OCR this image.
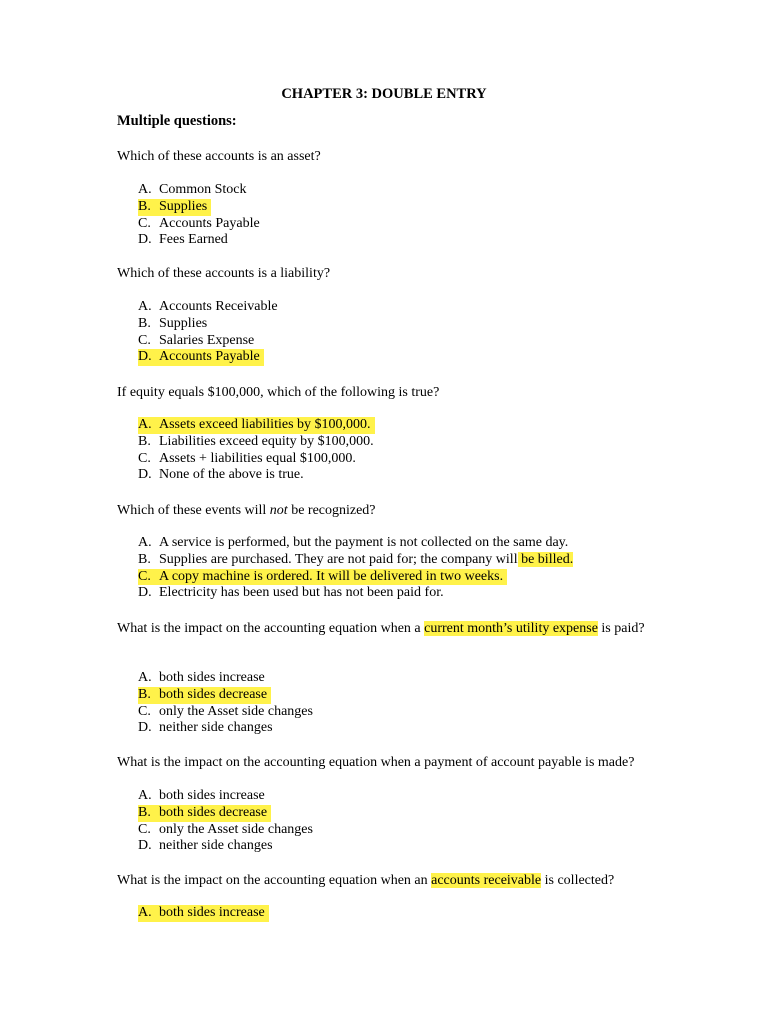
CHAPTER 3: DOUBLE ENTRY
Multiple questions:
Which of these accounts is an asset?
A. Common Stock
B. Supplies

C. Accounts Payable
D. Fees Earned
Which of these accounts is a liability?
A. Accounts Receivable
B. Supplies
C. Salaries Expense
D. Accounts Payable
If equity equals $100,000, which of the following is true?
A. Assets exceed liabilities by $100,000.

B. Liabilities exceed equity by $100,000.
C. Assets + liabilities equal $100,000.
D. None of the above is true.
Which of these events will not be recognized?
A. A service is performed, but the payment is not collected on the same day.
B. Supplies are purchased. They are not paid for; the company will be billed.
C. A copy machine is ordered. It will be delivered in two weeks.

D. Electricity has been used but has not been paid for.
What is the impact on the accounting equation when a current month’s utility expense is paid?
A. both sides increase
B. both sides decrease

C. only the Asset side changes
D. neither side changes
What is the impact on the accounting equation when a payment of account payable is made?
A. both sides increase
B. both sides decrease

C. only the Asset side changes
D. neither side changes
What is the impact on the accounting equation when an accounts receivable is collected?
A. both sides increase
